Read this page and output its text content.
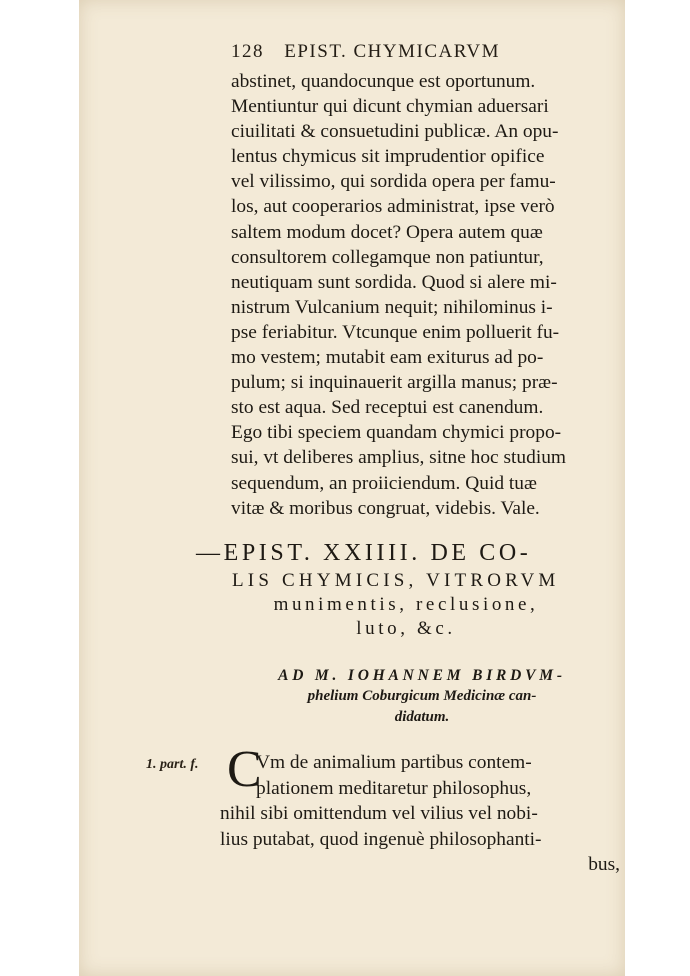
128 EPIST. CHYMICARVM
abstinet, quandocunque est oportunum.
Mentiuntur qui dicunt chymian aduersari
ciuilitati & consuetudini publicæ. An opu-
lentus chymicus sit imprudentior opifice
vel vilissimo, qui sordida opera per famu-
los, aut cooperarios administrat, ipse verò
saltem modum docet? Opera autem quæ
consultorem collegamque non patiuntur,
neutiquam sunt sordida. Quod si alere mi-
nistrum Vulcanium nequit; nihilominus i-
pse feriabitur. Vtcunque enim polluerit fu-
mo vestem; mutabit eam exiturus ad po-
pulum; si inquinauerit argilla manus; præ-
sto est aqua. Sed receptui est canendum.
Ego tibi speciem quandam chymici propo-
sui, vt deliberes amplius, sitne hoc studium
sequendum, an proiiciendum. Quid tuæ
vitæ & moribus congruat, videbis. Vale.
—EPIST. XXIIII. DE CO-
LIS CHYMICIS, VITRORVM
munimentis, reclusione,
luto, &c.
AD M. IOHANNEM BIRDVM-
phelium Coburgicum Medicinæ can-
didatum.
1. part. f. C
Vm de animalium partibus contem-
plationem meditaretur philosophus,
nihil sibi omittendum vel vilius vel nobi-
lius putabat, quod ingenuè philosophanti-
bus,
